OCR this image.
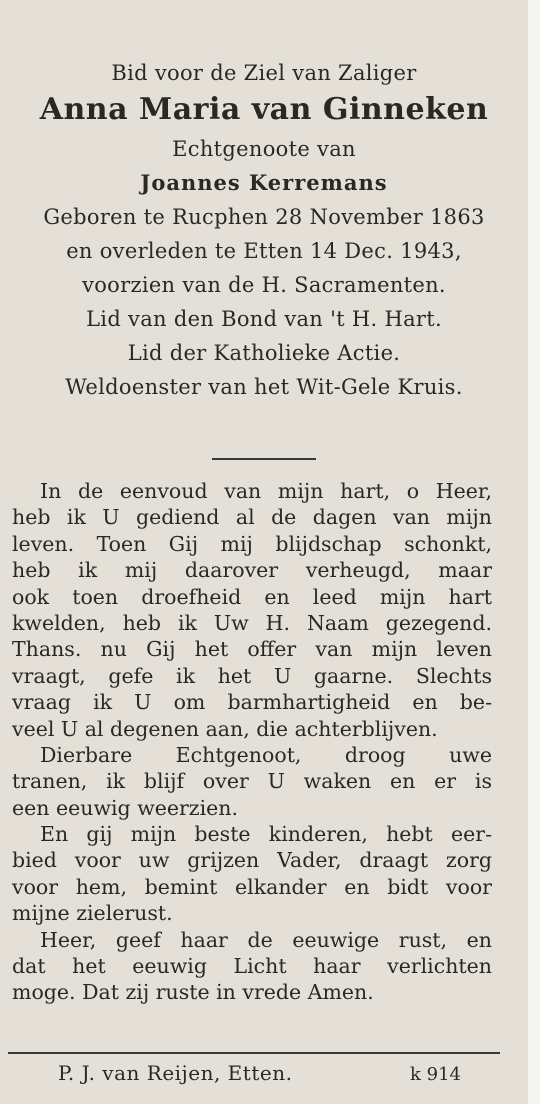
Bid voor de Ziel van Zaliger
Anna Maria van Ginneken
Echtgenoote van
Joannes Kerremans
Geboren te Rucphen 28 November 1863
en overleden te Etten 14 Dec. 1943,
voorzien van de H. Sacramenten.
Lid van den Bond van 't H. Hart.
Lid der Katholieke Actie.
Weldoenster van het Wit-Gele Kruis.
In de eenvoud van mijn hart, o Heer,
heb ik U gediend al de dagen van mijn
leven. Toen Gij mij blijdschap schonkt,
heb ik mij daarover verheugd, maar
ook toen droefheid en leed mijn hart
kwelden, heb ik Uw H. Naam gezegend.
Thans. nu Gij het offer van mijn leven
vraagt, gefe ik het U gaarne. Slechts
vraag ik U om barmhartigheid en be-
veel U al degenen aan, die achterblijven.
Dierbare Echtgenoot, droog uwe
tranen, ik blijf over U waken en er is
een eeuwig weerzien.
En gij mijn beste kinderen, hebt eer-
bied voor uw grijzen Vader, draagt zorg
voor hem, bemint elkander en bidt voor
mijne zielerust.
Heer, geef haar de eeuwige rust, en
dat het eeuwig Licht haar verlichten
moge. Dat zij ruste in vrede Amen.
P. J. van Reijen, Etten.	k 914
